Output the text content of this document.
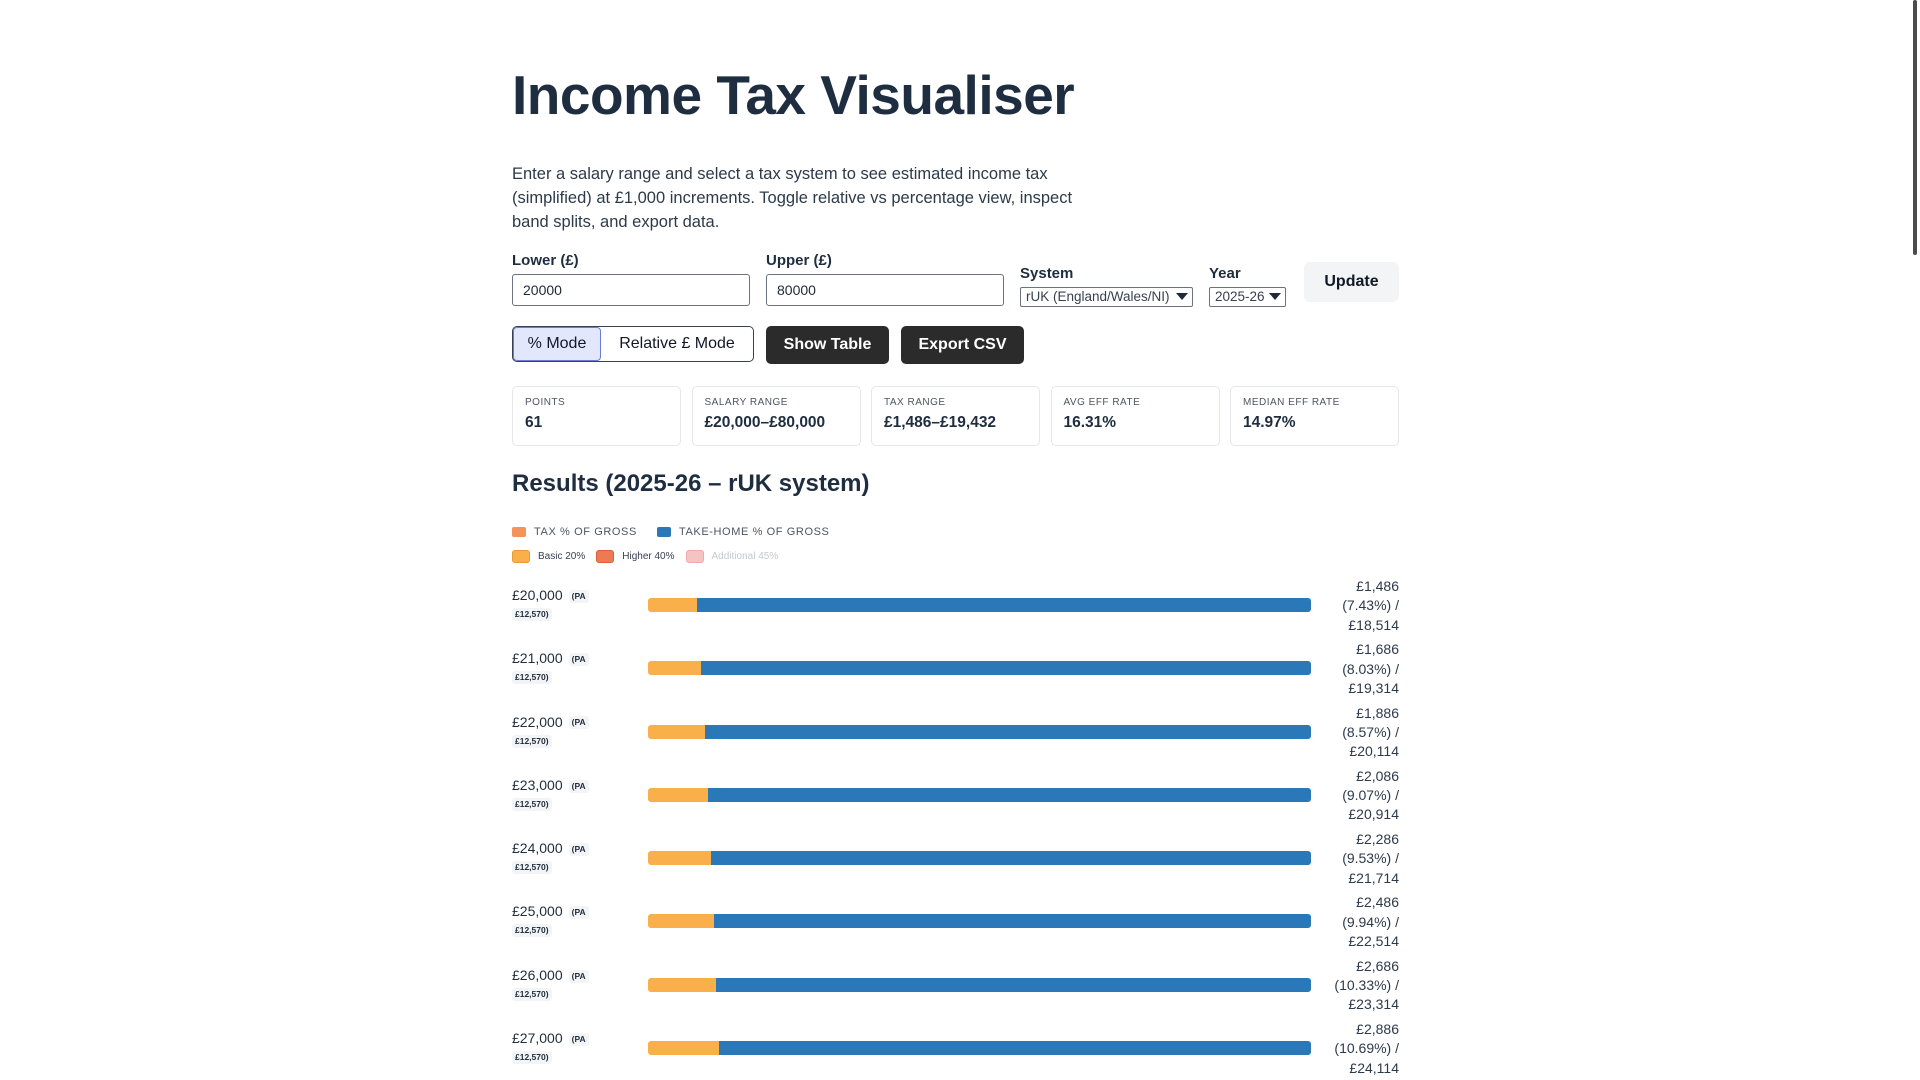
Income Tax Visualiser
Enter a salary range and select a tax system to see estimated income tax (simplified) at £1,000 increments. Toggle relative vs percentage view, inspect band splits, and export data.
Lower (£)
20000	Upper (£)
80000
System
rUK (England/Wales/NI)
Year
2025-26
Update
% Mode	Relative £ Mode	Show Table	Export CSV
POINTS
61
SALARY RANGE
£20,000–£80,000
TAX RANGE
£1,486–£19,432
AVG EFF RATE
16.31%
MEDIAN EFF RATE
14.97%
Results (2025-26 – rUK system)
TAX % OF GROSS	TAKE-HOME % OF GROSS
Basic 20%	Higher 40%	Additional 45%
£20,000 (PA
£12,570)
£1,486
(7.43%) /
£18,514
£21,000 (PA
£12,570)
£1,686
(8.03%) /
£19,314
£22,000 (PA
£12,570)
£1,886
(8.57%) /
£20,114
£23,000 (PA
£12,570)
£2,086
(9.07%) /
£20,914
£24,000 (PA
£12,570)
£2,286
(9.53%) /
£21,714
£25,000 (PA
£12,570)
£2,486
(9.94%) /
£22,514
£26,000 (PA
£12,570)
£2,686
(10.33%) /
£23,314
£27,000 (PA
£12,570)
£2,886
(10.69%) /
£24,114
